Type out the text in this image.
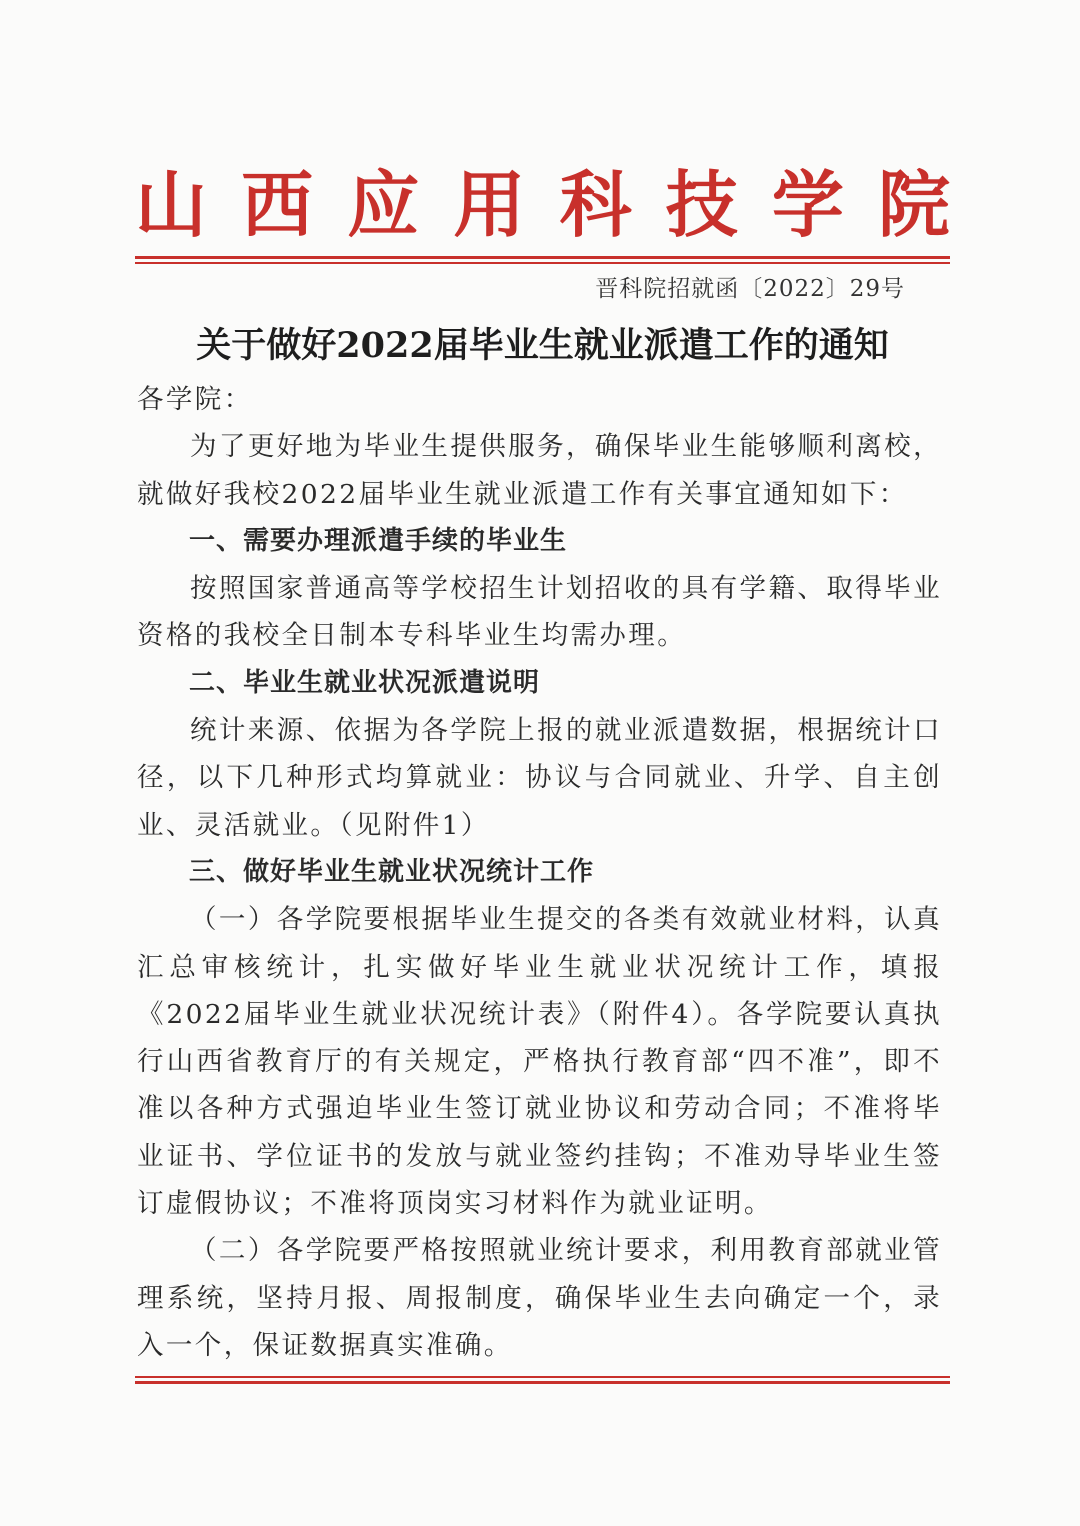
山 西 应 用 科 技 学 院
晋科院招就函〔2022〕29号
关于做好2022届毕业生就业派遣工作的通知

各学院：

为了更好地为毕业生提供服务，确保毕业生能够顺利离校，就做好我校2022届毕业生就业派遣工作有关事宜通知如下：

一、需要办理派遣手续的毕业生

按照国家普通高等学校招生计划招收的具有学籍、取得毕业资格的我校全日制本专科毕业生均需办理。

二、毕业生就业状况派遣说明

统计来源、依据为各学院上报的就业派遣数据，根据统计口径，以下几种形式均算就业：协议与合同就业、升学、自主创业、灵活就业。（见附件1）

三、做好毕业生就业状况统计工作

（一）各学院要根据毕业生提交的各类有效就业材料，认真汇总审核统计，扎实做好毕业生就业状况统计工作，填报《2022届毕业生就业状况统计表》（附件4）。各学院要认真执行山西省教育厅的有关规定，严格执行教育部“四不准”，即不准以各种方式强迫毕业生签订就业协议和劳动合同；不准将毕业证书、学位证书的发放与就业签约挂钩；不准劝导毕业生签订虚假协议；不准将顶岗实习材料作为就业证明。

（二）各学院要严格按照就业统计要求，利用教育部就业管理系统，坚持月报、周报制度，确保毕业生去向确定一个，录入一个，保证数据真实准确。
